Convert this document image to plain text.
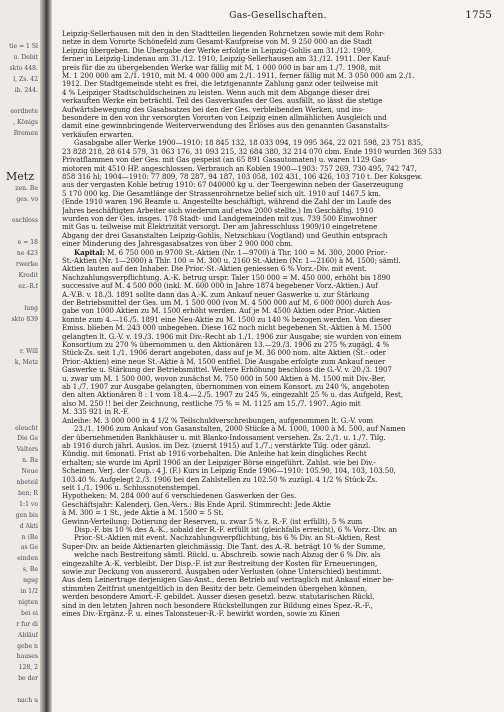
tie = 1 Sl
u. Debit
skto 448.
l, Zs. 42
ib. 244.
eordnete
, Königs
Bremen
zen. Be
ges. vo
eschloss
e = 18
ne 423
rwerke
Kredit
ez.-R.f
lung
skto 839
r. Will
k, Metz
eleucht
Die Ge
Valters
n. Ba
Neue
nbeteil
hen; R
1:1 vo
gen bis
d Akti
n (Be
as Ge
einden
s, Be
ngsg
in 1/2
nigten
bei ei
r fur di
Abläuf
gebe n
hauses
128, 2
be der
nach u
Metz
Gas-Gesellschaften.	1755
Leipzig-Sellerhausen mit den in den Stadtteilen liegenden Rohrnetzen sowie mit dem Rohr-
netze in dem Vororte Schönefeld zum Gesamt-Kaufpreise von M. 9 250 000 an die Stadt
Leipzig übergeben. Die Übergabe der Werke erfolgte in Leipzig-Gohlis am 31./12. 1909,
ferner in Leipzig-Lindenau am 31./12. 1910, Leipzig-Sellerhausen am 31./12. 1911. Der Kauf-
preis für die zu übergebenden Werke war fällig mit M. 1 000 000 in bar am 1./7. 1908, mit
M. 1 200 000 am 2./1. 1910, mit M. 4 000 000 am 2./1. 1911, ferner fällig mit M. 3 050 000 am 2./1.
1912. Der Stadtgemeinde steht es frei, die letztgenannte Zahlung ganz oder teilweise mit
4 % Leipziger Stadtschuldscheinen zu leisten. Wenn auch mit dem Abgange dieser drei
verkauften Werke ein beträchtl. Teil des Gasverkaufes der Ges. ausfällt, so lässt die stetige
Aufwärtsbewegung des Gasabsatzes bei den der Ges. verbleibenden Werken, und ins-
besondere in den von ihr versorgten Vororten von Leipzig einen allmählichen Ausgleich und
damit eine gewinnbringende Weiterverwendung des Erlöses aus den genannten Gasanstalts-
verkäufen erwarten.
Gasabgabe aller Werke 1900—1910: 18 845 132, 18 033 094, 19 095 364, 22 021 598, 23 751 835,
23 828 218, 28 614 579, 31 063 176, 31 093 215, 32 684 380, 32 214 070 cbm. Ende 1910 wurden 369 533
Privatflammen von der Ges. mit Gas gespeist (an 65 891 Gasautomaten) u. waren 1129 Gas-
motoren mit 4510 HP. angeschlossen. Verbrauch an Koblen 1900—1903: 757 269, 730 495, 742 747,
858 316 hl; 1904—1910: 77 809, 78 287, 94 187, 103 058, 102 431, 106 426, 103 710 t. Der Koksgew.
aus der vergasten Kohle betrug 1910: 67 040000 kg u. der Teergewinn neben der Gaserzeugung
5 170 000 kg. Die Gesamtlänge der Strassenrohrnetze belief sich ult. 1910 auf 1467.5 km.
(Ende 1910 waren 196 Beamte u. Angestellte beschäftigt, während die Zahl der im Laufe des
Jahres beschäftigten Arbeiter sich wiederum auf etwa 2000 stellte.) Im Geschäftsj. 1910
wurden von der Ges. insges. 178 Stadt- und Landgemeinden mit zus. 739 500 Einwohner
mit Gas u. teilweise mit Elektrizität versorgt. Der am Jahresschluss 1909/10 eingetretene
Abgang der drei Gasanstalten Leipzig-Gohlis, Netzschkau (Vogtland) und Geuthin entsprach
einer Minderung des Jahresgasabsatzes von über 2 900 000 cbm.
Kapital: M. 6 750 000 in 9700 St.-Aktien (Nr. 1—9700) à Thr. 100 = M. 300, 2000 Prior.-
St.-Aktien (Nr. 1—2000) à Thlr. 100 = M. 300 u. 2160 St.-Aktien (Nr. 1—2160) à M. 1500; sämtl.
Aktien lauten auf den Inhaber. Die Prior.-St.-Aktien geniessen 6 % Vorz.-Div. mit event.
Nachzahlungsverpflichtung. A.-K. betrug urspr. Taler 150 000 = M. 450 000, erhöht bis 1890
successive auf M. 4 500 000 (inkl. M. 600 000 in Jahre 1874 begebener Vorz.-Aktien.) Auf
A.-V.B. v. 18./3. 1891 sollte dann das A.-K. zum Ankauf neuer Gaswerke u. zur Stärkung
der Betriebsmittel der Ges. um M. 1 500 000 (von M. 4 500 000 auf M. 6 000 000) durch Aus-
gabe von 1000 Aktien zu M. 1500 erhöht werden. Auf je M. 4500 Aktien oder Prior.-Aktien
konnte zum 4.—16./5. 1891 eine Neu-Aktie zu M. 1500 zu 140 % bezogen werden. Von dieser
Emiss. blieben M. 243 000 unbegeben. Diese 162 noch nicht begebenen St.-Aktien à M. 1500
gelangten lt. G.-V. v. 19./3. 1906 mit Div.-Recht ab 1./1. 1906 zur Ausgabe; sie wurden von einem
Konsortium zu 270 % übernommen u. den Aktionären 13.—29./3. 1906 zu 275 % zugägl. 4 %
Stück-Zs. seit 1./1. 1906 derart angeboten, dass auf je M. 36 000 nom. alte Aktien (St.- oder
Prior.-Aktien) eine neue St.-Aktie à M. 1500 entfiel. Die Ausgabe erfolgte zum Ankauf neuer
Gaswerke u. Stärkung der Betriebsmittel. Weitere Erhöhung beschloss die G.-V. v. 20./3. 1907
u. zwar um M. 1 500 000, wovon zunächst M. 750 000 in 500 Aktien à M. 1500 mit Div.-Ber.
ab 1./7. 1907 zur Ausgabe gelangten, übernommen von einem Konsort. zu 240 %, angeboten
den alten Aktionären 8 : 1 vom 18.4.—2./5. 1907 zu 245 %, eingezahlt 25 % u. das Aufgeld, Rest,
also M. 250 !! bei der Zeichnung, restliche 75 % = M. 1125 am 15./7. 1907. Agio mit
M. 335 921 in R.-F.
Anleihe: M. 3 000 000 in 4 1/2 % Teilschuldverschreibungen, aufgenommen lt. G.-V. vom
23./1. 1906 zum Ankauf von Gasanstalten, 2000 Stücke à M. 1000, 1000 à M. 500, auf Namen
der übernehmenden Bankhäuser u. mit Blanko-Indossament versehen. Zs. 2./1. u. 1./7. Tilg.
ab 1916 durch jährl. Auslos. im Dez. (zuerst 1915) auf 1./7.; verstärkte Tilg. oder gänzl.
Kündig. mit 6monatl. Frist ab 1916 vorbehalten. Die Anleihe hat kein dingliches Recht
erhalten; sie wurde im April 1906 an der Leipziger Börse eingeführt. Zahlst. wie bei Div.-
Scheinen. Verj. der Coup.: 4 J. (F.) Kurs in Leipzig Ende 1906—1910: 105.90, 104, 103, 103.50,
103.40 %. Aufgelegt 2./3. 1906 bei den Zahlstellen zu 102.50 % zuzügl. 4 1/2 % Stück-Zs.
seit 1./1. 1906 u. Schlussnotenstempel.
Hypotheken: M. 284 000 auf 6 verschiedenen Gaswerken der Ges.
Geschäftsjahr: Kalenderj. Gen.-Vers.: Bis Ende April. Stimmrecht: Jede Aktie
à M. 300 = 1 St., jede Aktie à M. 1500 = 5 St.
Gewinn-Verteilung: Dotierung der Reserven, u. zwar 5 % z. R.-F. (ist erfüllt), 5 % zum
Disp.-F. bis 10 % des A.-K., sobald der R.-F. erfüllt ist (gleichfalls erreicht), 6 % Vorz.-Div. an
Prior.-St.-Aktien mit event. Nachzahlungsverpflichtung, bis 6 % Div. an St.-Aktien, Rest
Super-Div. an beide Aktienarten gleichmässig. Die Tant. des A.-R. beträgt 10 % der Summe,
welche nach Bestreitung sämtl. Rückl. u. Abschreib. sowie nach Abzug der 6 % Div. als
eingezahlte A.-K. verbleibt. Der Disp.-F. ist zur Bestreitung der Kosten für Erneuerungen,
sowie zur Deckung von ausserord. Ausgaben oder Verlusten (ohne Unterschied) bestimmt.
Aus dem Leinertrage derjenigen Gas-Anst., deren Betrieb auf vertraglich mit Ankauf einer be-
stimmten Zeitfrist unentgeltlich in den Besitz der betr. Gemeinden übergehen können,
werden besondere Amort.-F. gebildet. Ausser diesen gesetzl. bezw. statutarischen Rückl.
sind in den letzten Jahren noch besondere Rückstellungen zur Bildung eines Spez.-R.-F.,
eines Div.-Ergänz.-F. u. eines Talonsteuer-R.-F. bewirkt worden, sowie zu Kinen
